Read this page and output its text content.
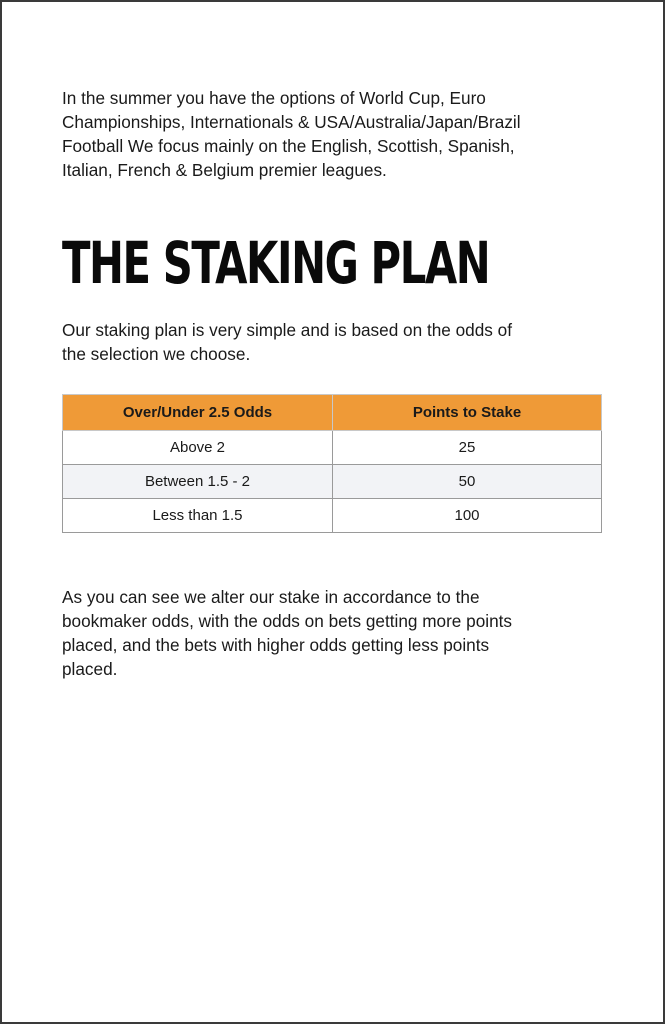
In the summer you have the options of World Cup, Euro
Championships, Internationals & USA/Australia/Japan/Brazil
Football We focus mainly on the English, Scottish, Spanish,
Italian, French & Belgium premier leagues.

THE STAKING PLAN

Our staking plan is very simple and is based on the odds of
the selection we choose.

Over/Under 2.5 Odds	Points to Stake
Above 2	25
Between 1.5 - 2	50
Less than 1.5	100

As you can see we alter our stake in accordance to the
bookmaker odds, with the odds on bets getting more points
placed, and the bets with higher odds getting less points
placed.
